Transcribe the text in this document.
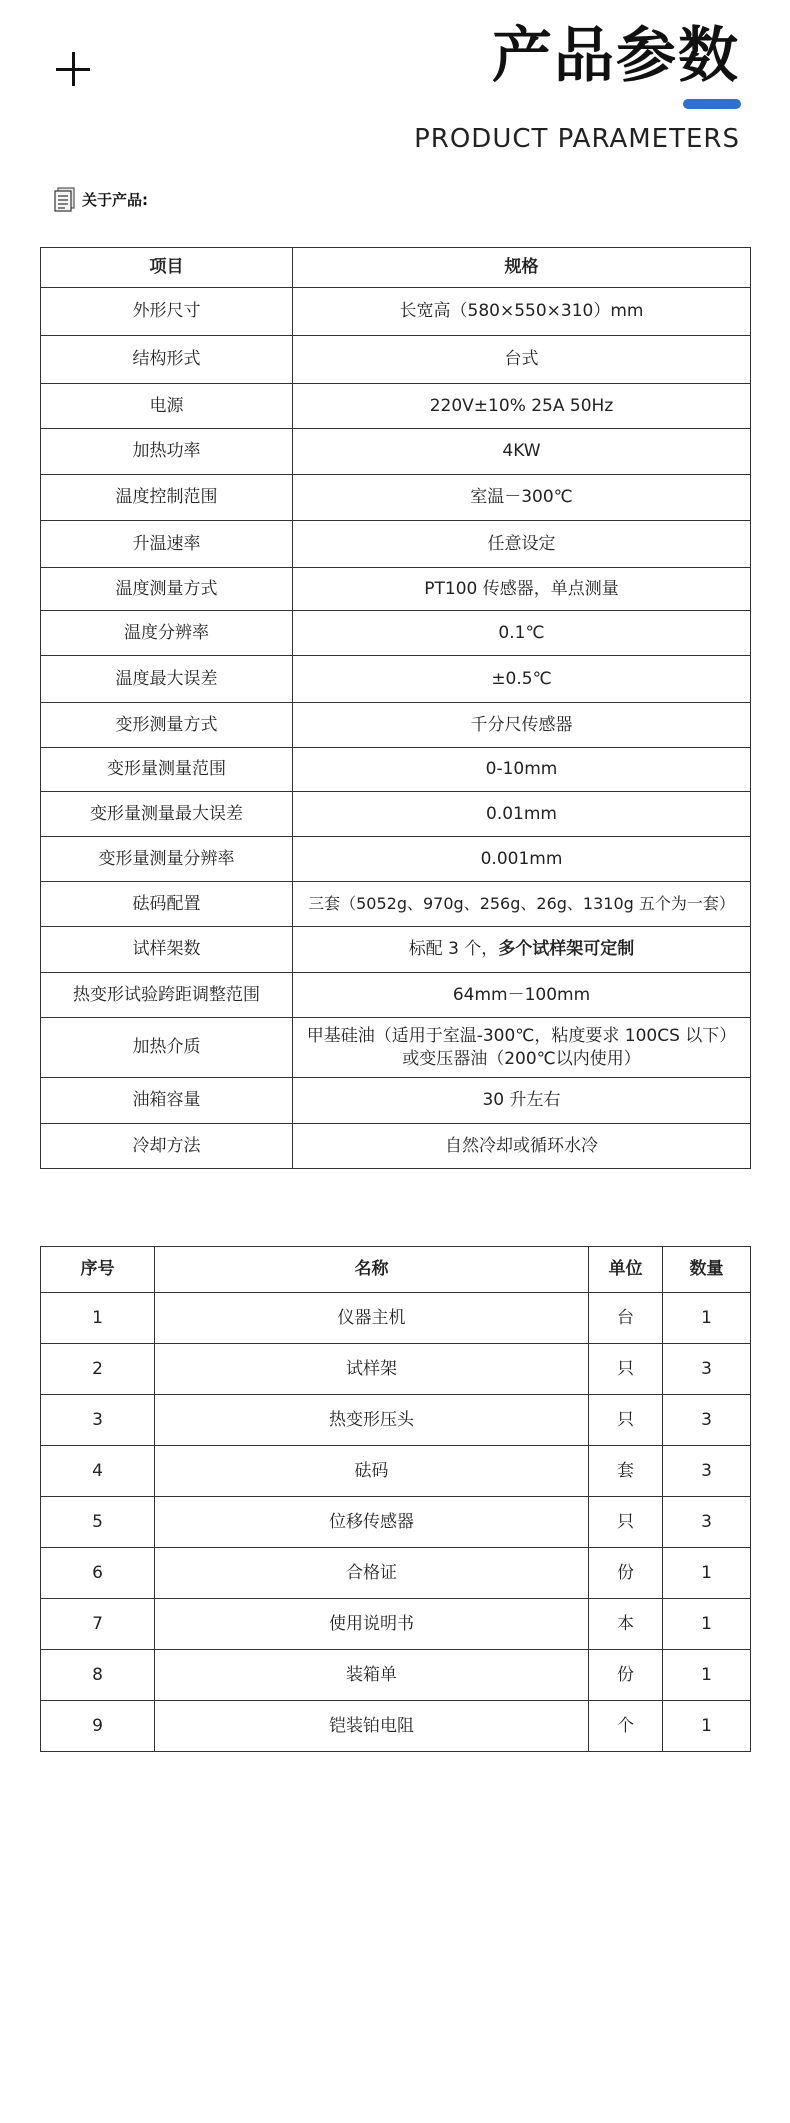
产品参数
PRODUCT PARAMETERS
关于产品:
项目	规格
外形尺寸	长宽高（580×550×310）mm
结构形式	台式
电源	220V±10% 25A 50Hz
加热功率	4KW
温度控制范围	室温－300℃
升温速率	任意设定
温度测量方式	PT100 传感器，单点测量
温度分辨率	0.1℃
温度最大误差	±0.5℃
变形测量方式	千分尺传感器
变形量测量范围	0-10mm
变形量测量最大误差	0.01mm
变形量测量分辨率	0.001mm
砝码配置	三套（5052g、970g、256g、26g、1310g 五个为一套）
试样架数	标配 3 个，多个试样架可定制
热变形试验跨距调整范围	64mm－100mm
加热介质	甲基硅油（适用于室温-300℃，粘度要求 100CS 以下）或变压器油（200℃以内使用）
油箱容量	30 升左右
冷却方法	自然冷却或循环水冷
序号	名称	单位	数量
1	仪器主机	台	1
2	试样架	只	3
3	热变形压头	只	3
4	砝码	套	3
5	位移传感器	只	3
6	合格证	份	1
7	使用说明书	本	1
8	装箱单	份	1
9	铠装铂电阻	个	1
